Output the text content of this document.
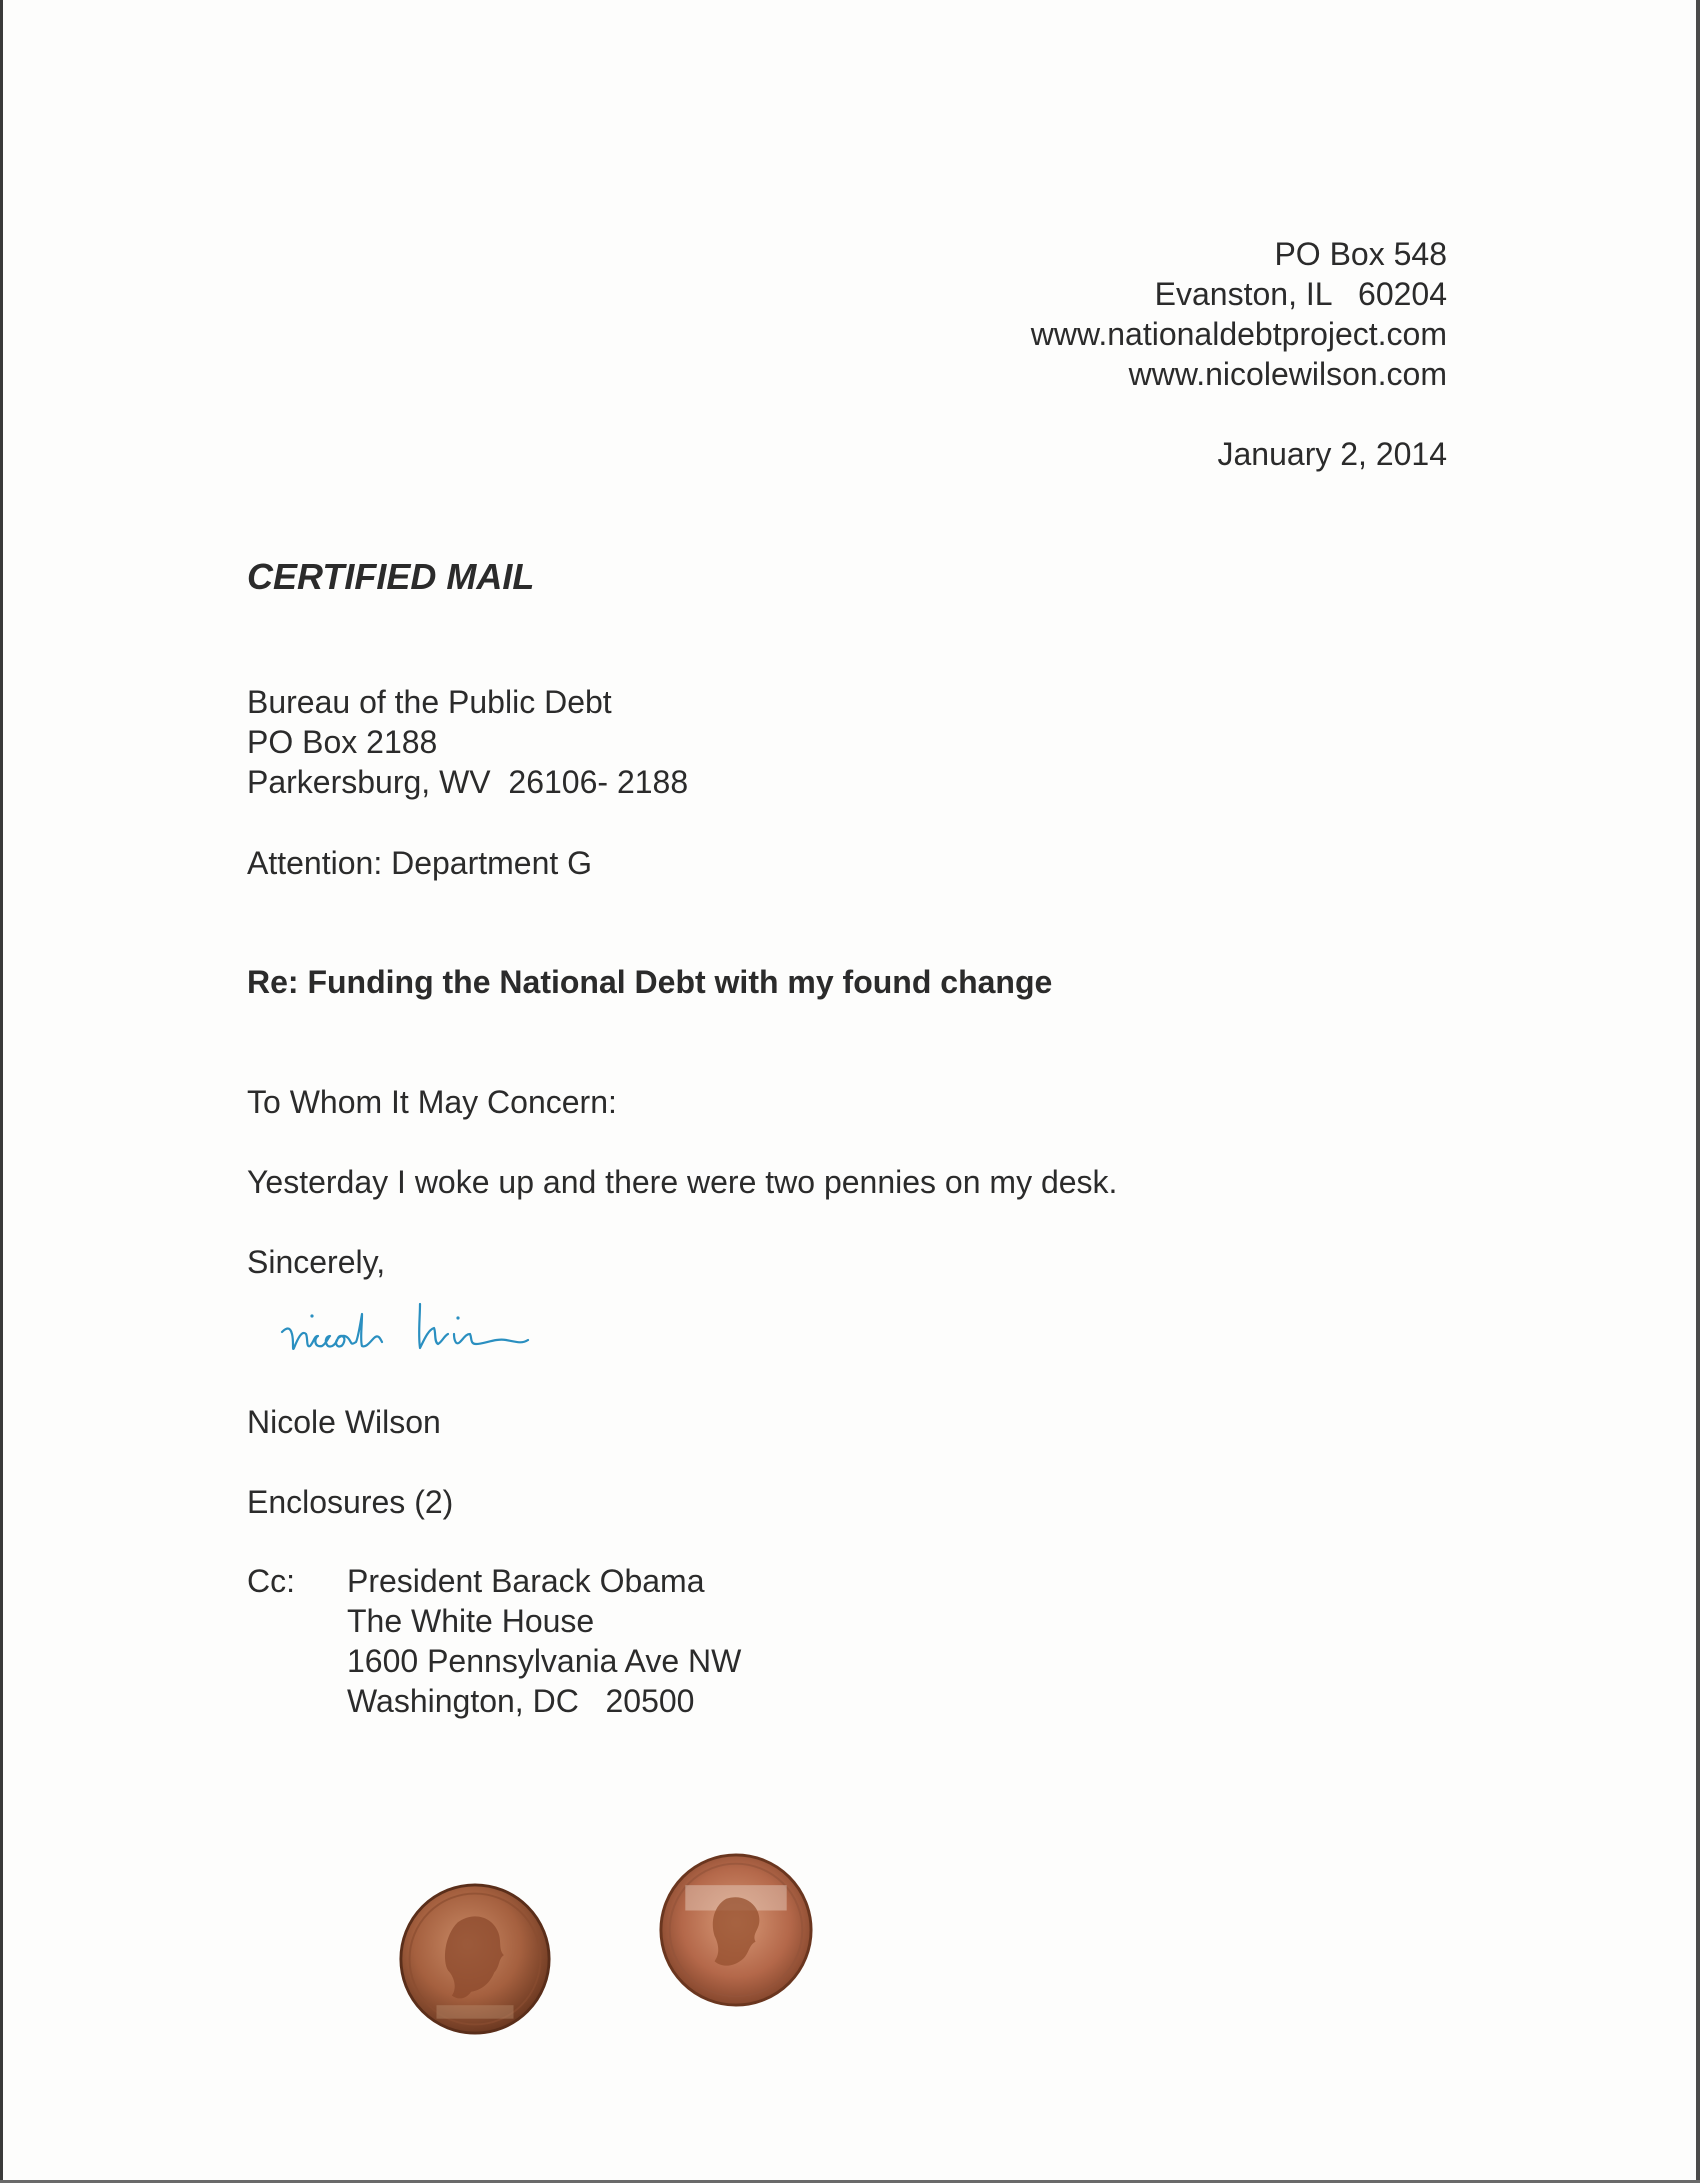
PO Box 548
Evanston, IL   60204
www.nationaldebtproject.com
www.nicolewilson.com
January 2, 2014
CERTIFIED MAIL
Bureau of the Public Debt
PO Box 2188
Parkersburg, WV  26106- 2188
Attention: Department G
Re: Funding the National Debt with my found change
To Whom It May Concern:
Yesterday I woke up and there were two pennies on my desk.
Sincerely,
Nicole Wilson
Enclosures (2)
Cc: President Barack Obama
The White House
1600 Pennsylvania Ave NW
Washington, DC   20500
